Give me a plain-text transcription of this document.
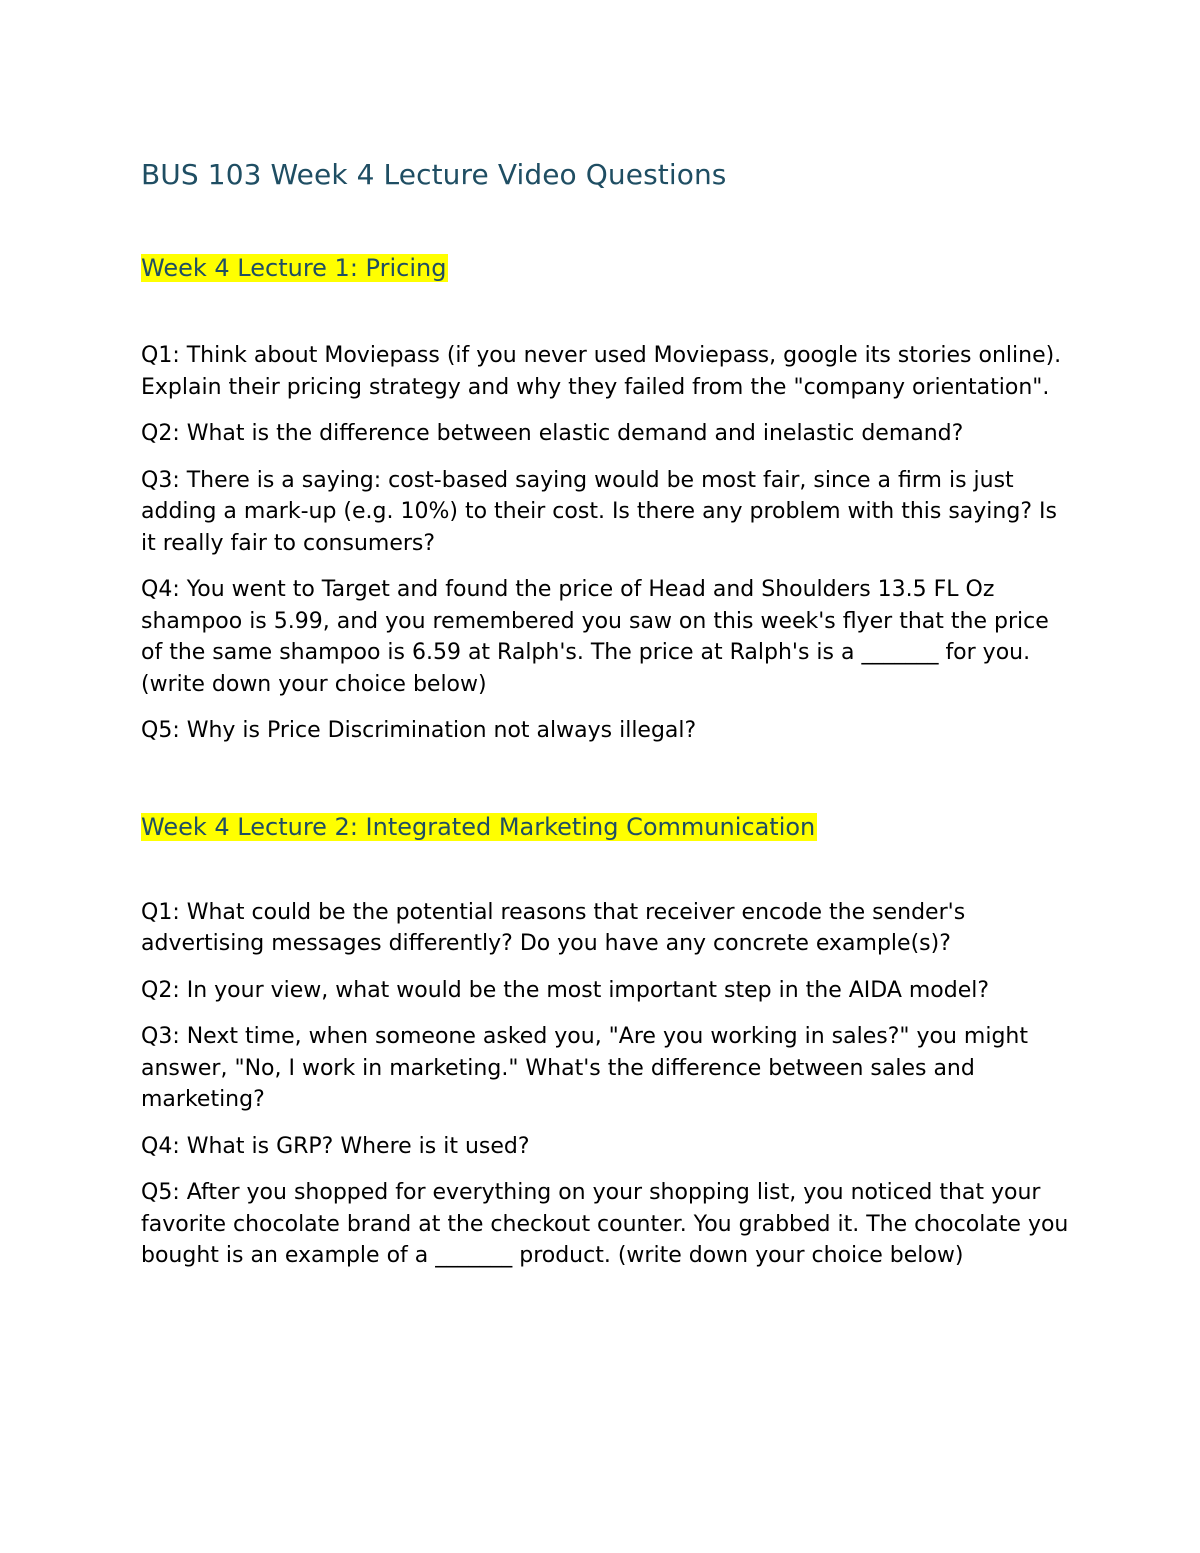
BUS 103 Week 4 Lecture Video Questions
Week 4 Lecture 1: Pricing

Q1: Think about Moviepass (if you never used Moviepass, google its stories online). Explain their pricing strategy and why they failed from the "company orientation".

Q2: What is the difference between elastic demand and inelastic demand?

Q3: There is a saying: cost-based saying would be most fair, since a firm is just adding a mark-up (e.g. 10%) to their cost. Is there any problem with this saying? Is it really fair to consumers?

Q4: You went to Target and found the price of Head and Shoulders 13.5 FL Oz shampoo is 5.99, and you remembered you saw on this week's flyer that the price of the same shampoo is 6.59 at Ralph's. The price at Ralph's is a _______ for you. (write down your choice below)

Q5: Why is Price Discrimination not always illegal?

Week 4 Lecture 2: Integrated Marketing Communication

Q1: What could be the potential reasons that receiver encode the sender's advertising messages differently? Do you have any concrete example(s)?

Q2: In your view, what would be the most important step in the AIDA model?

Q3: Next time, when someone asked you, "Are you working in sales?" you might answer, "No, I work in marketing." What's the difference between sales and marketing?

Q4: What is GRP? Where is it used?

Q5: After you shopped for everything on your shopping list, you noticed that your favorite chocolate brand at the checkout counter. You grabbed it. The chocolate you bought is an example of a _______ product. (write down your choice below)
